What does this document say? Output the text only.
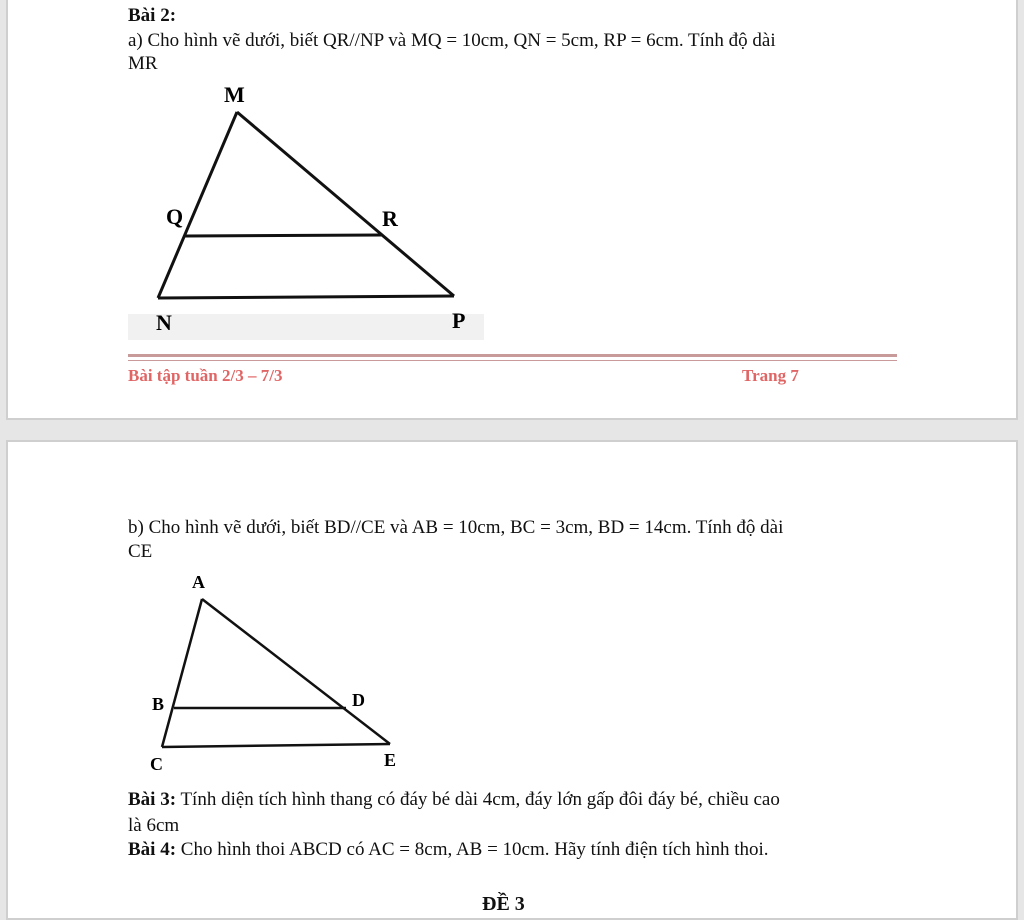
Bài 2:
a) Cho hình vẽ dưới, biết QR//NP và MQ = 10cm, QN = 5cm, RP = 6cm. Tính độ dài
MR
M
Q	R
N	P
Bài tập tuần 2/3 – 7/3	Trang 7
b) Cho hình vẽ dưới, biết BD//CE và AB = 10cm, BC = 3cm, BD = 14cm. Tính độ dài
CE
A
B	D
C	E
Bài 3: Tính diện tích hình thang có đáy bé dài 4cm, đáy lớn gấp đôi đáy bé, chiều cao
là 6cm
Bài 4: Cho hình thoi ABCD có AC = 8cm, AB = 10cm. Hãy tính điện tích hình thoi.
ĐỀ 3
